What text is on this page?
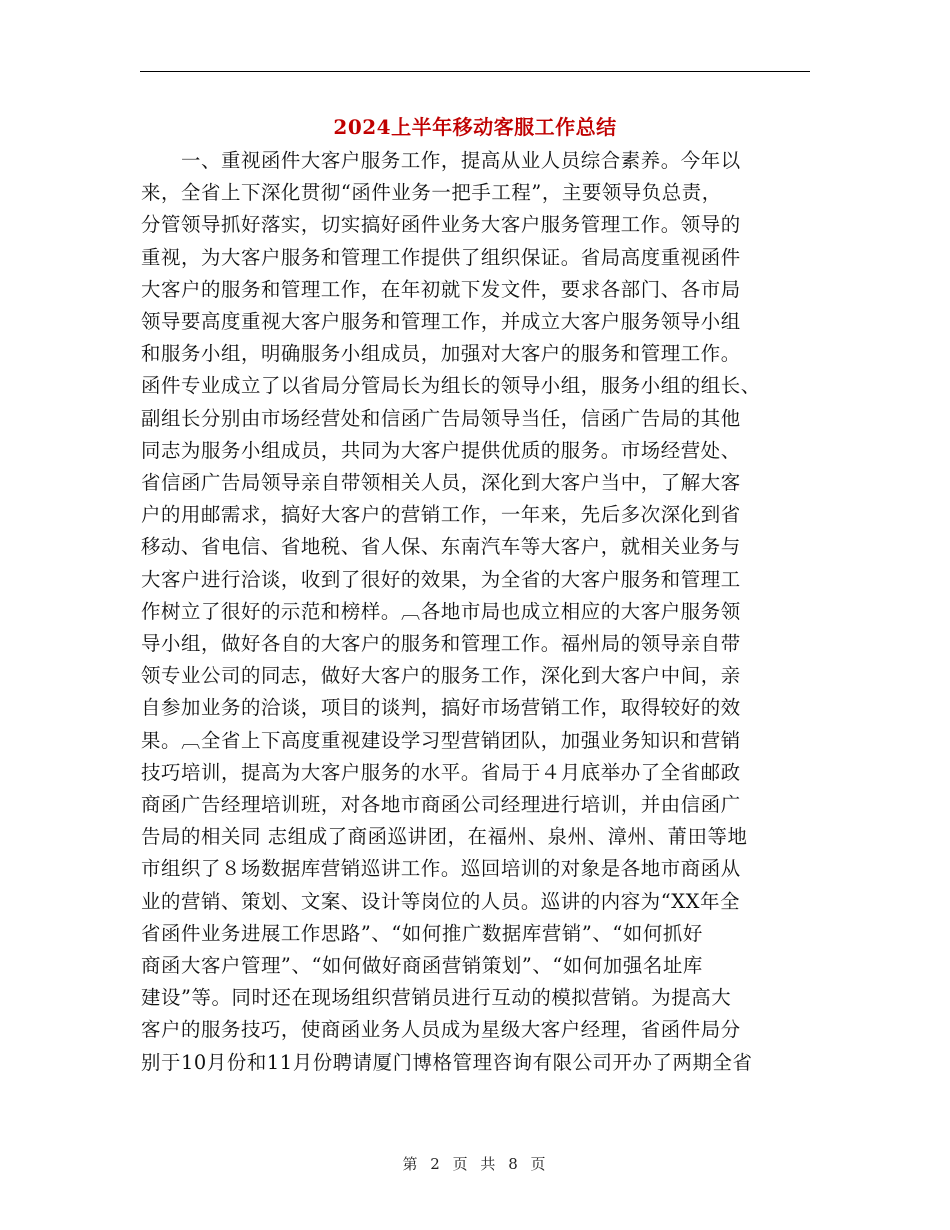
2024上半年移动客服工作总结
　　一、重视函件大客户服务工作，提高从业人员综合素养。今年以
来，全省上下深化贯彻“函件业务一把手工程”，主要领导负总责，
分管领导抓好落实，切实搞好函件业务大客户服务管理工作。领导的
重视，为大客户服务和管理工作提供了组织保证。省局高度重视函件
大客户的服务和管理工作，在年初就下发文件，要求各部门、各市局
领导要高度重视大客户服务和管理工作，并成立大客户服务领导小组
和服务小组，明确服务小组成员，加强对大客户的服务和管理工作。
函件专业成立了以省局分管局长为组长的领导小组，服务小组的组长、
副组长分别由市场经营处和信函广告局领导当任，信函广告局的其他
同志为服务小组成员，共同为大客户提供优质的服务。市场经营处、
省信函广告局领导亲自带领相关人员，深化到大客户当中，了解大客
户的用邮需求，搞好大客户的营销工作，一年来，先后多次深化到省
移动、省电信、省地税、省人保、东南汽车等大客户，就相关业务与
大客户进行洽谈，收到了很好的效果，为全省的大客户服务和管理工
作树立了很好的示范和榜样。︹各地市局也成立相应的大客户服务领
导小组，做好各自的大客户的服务和管理工作。福州局的领导亲自带
领专业公司的同志，做好大客户的服务工作，深化到大客户中间，亲
自参加业务的洽谈，项目的谈判，搞好市场营销工作，取得较好的效
果。︹全省上下高度重视建设学习型营销团队，加强业务知识和营销
技巧培训，提高为大客户服务的水平。省局于４月底举办了全省邮政
商函广告经理培训班，对各地市商函公司经理进行培训，并由信函广
告局的相关同 志组成了商函巡讲团，在福州、泉州、漳州、莆田等地
市组织了８场数据库营销巡讲工作。巡回培训的对象是各地市商函从
业的营销、策划、文案、设计等岗位的人员。巡讲的内容为“XX年全
省函件业务进展工作思路”、“如何推广数据库营销”、“如何抓好
商函大客户管理”、“如何做好商函营销策划”、“如何加强名址库
建设”等。同时还在现场组织营销员进行互动的模拟营销。为提高大
客户的服务技巧，使商函业务人员成为星级大客户经理，省函件局分
别于10月份和11月份聘请厦门博格管理咨询有限公司开办了两期全省
第 2 页 共 8 页
